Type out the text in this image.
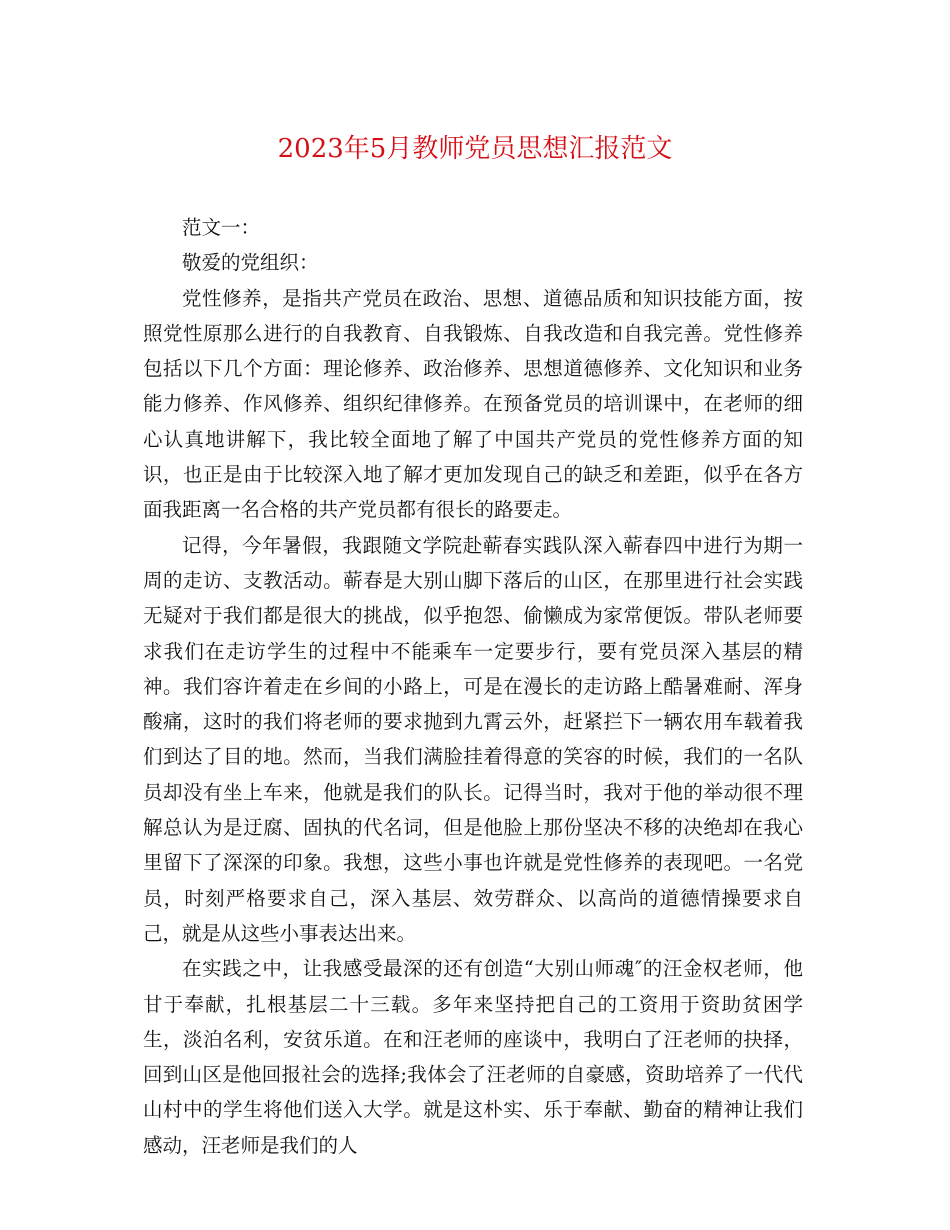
2023年5月教师党员思想汇报范文

范文一：

敬爱的党组织：

党性修养，是指共产党员在政治、思想、道德品质和知识技能方面，按照党性原那么进行的自我教育、自我锻炼、自我改造和自我完善。党性修养包括以下几个方面：理论修养、政治修养、思想道德修养、文化知识和业务能力修养、作风修养、组织纪律修养。在预备党员的培训课中，在老师的细心认真地讲解下，我比较全面地了解了中国共产党员的党性修养方面的知识，也正是由于比较深入地了解才更加发现自己的缺乏和差距，似乎在各方面我距离一名合格的共产党员都有很长的路要走。

记得，今年暑假，我跟随文学院赴蕲春实践队深入蕲春四中进行为期一周的走访、支教活动。蕲春是大别山脚下落后的山区，在那里进行社会实践无疑对于我们都是很大的挑战，似乎抱怨、偷懒成为家常便饭。带队老师要求我们在走访学生的过程中不能乘车一定要步行，要有党员深入基层的精神。我们容许着走在乡间的小路上，可是在漫长的走访路上酷暑难耐、浑身酸痛，这时的我们将老师的要求抛到九霄云外，赶紧拦下一辆农用车载着我们到达了目的地。然而，当我们满脸挂着得意的笑容的时候，我们的一名队员却没有坐上车来，他就是我们的队长。记得当时，我对于他的举动很不理解总认为是迂腐、固执的代名词，但是他脸上那份坚决不移的决绝却在我心里留下了深深的印象。我想，这些小事也许就是党性修养的表现吧。一名党员，时刻严格要求自己，深入基层、效劳群众、以高尚的道德情操要求自己，就是从这些小事表达出来。

在实践之中，让我感受最深的还有创造“大别山师魂″的汪金权老师，他甘于奉献，扎根基层二十三载。多年来坚持把自己的工资用于资助贫困学生，淡泊名利，安贫乐道。在和汪老师的座谈中，我明白了汪老师的抉择，回到山区是他回报社会的选择;我体会了汪老师的自豪感，资助培养了一代代山村中的学生将他们送入大学。就是这朴实、乐于奉献、勤奋的精神让我们感动，汪老师是我们的人
